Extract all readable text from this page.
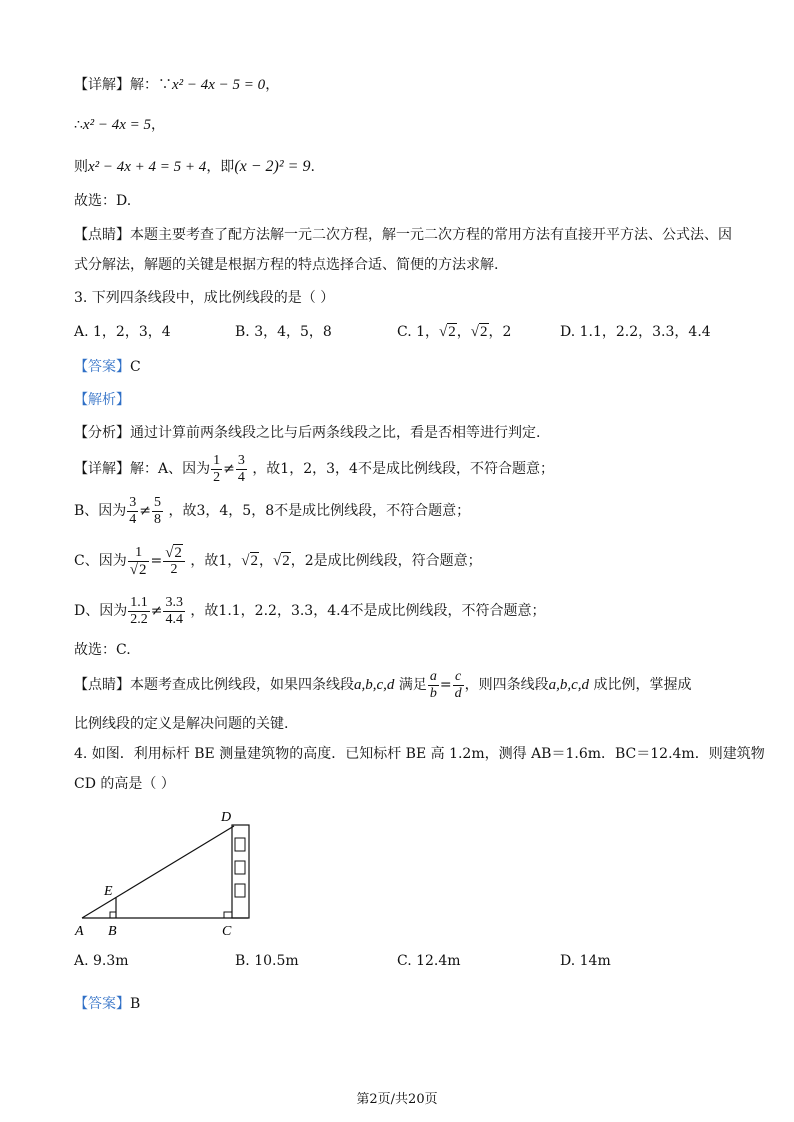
【详解】解：∵x² − 4x − 5 = 0，
∴x² − 4x = 5，
则x² − 4x + 4 = 5 + 4，即(x − 2)² = 9.
故选：D.
【点睛】本题主要考查了配方法解一元二次方程，解一元二次方程的常用方法有直接开平方法、公式法、因
式分解法，解题的关键是根据方程的特点选择合适、简便的方法求解.
3. 下列四条线段中，成比例线段的是（ ）
A. 1，2，3，4	B. 3，4，5，8	C. 1，√2，√2，2	D. 1.1，2.2，3.3，4.4
【答案】C
【解析】
【分析】通过计算前两条线段之比与后两条线段之比，看是否相等进行判定.
【详解】解：A、因为 $\frac{1}{2} \ne \frac{3}{4}$ ，故1，2，3，4不是成比例线段，不符合题意；
B、因为 $\frac{3}{4} \ne \frac{5}{8}$ ，故3，4，5，8不是成比例线段，不符合题意；
C、因为 $\frac{1}{√2} = \frac{√2}{2}$ ，故1，√2，√2，2是成比例线段，符合题意；
D、因为 $\frac{1.1}{2.2} \ne \frac{3.3}{4.4}$ ，故1.1，2.2，3.3，4.4不是成比例线段，不符合题意；
故选：C.
【点睛】本题考查成比例线段，如果四条线段a,b,c,d 满足 $\frac{a}{b} = \frac{c}{d}$ ，则四条线段a,b,c,d 成比例，掌握成
比例线段的定义是解决问题的关键.
4. 如图．利用标杆 BE 测量建筑物的高度．已知标杆 BE 高 1.2m，测得 AB＝1.6m．BC＝12.4m．则建筑物
CD 的高是（ ）
A B	C
D
E
A. 9.3m	B. 10.5m	C. 12.4m	D. 14m
【答案】B
第2页/共20页
